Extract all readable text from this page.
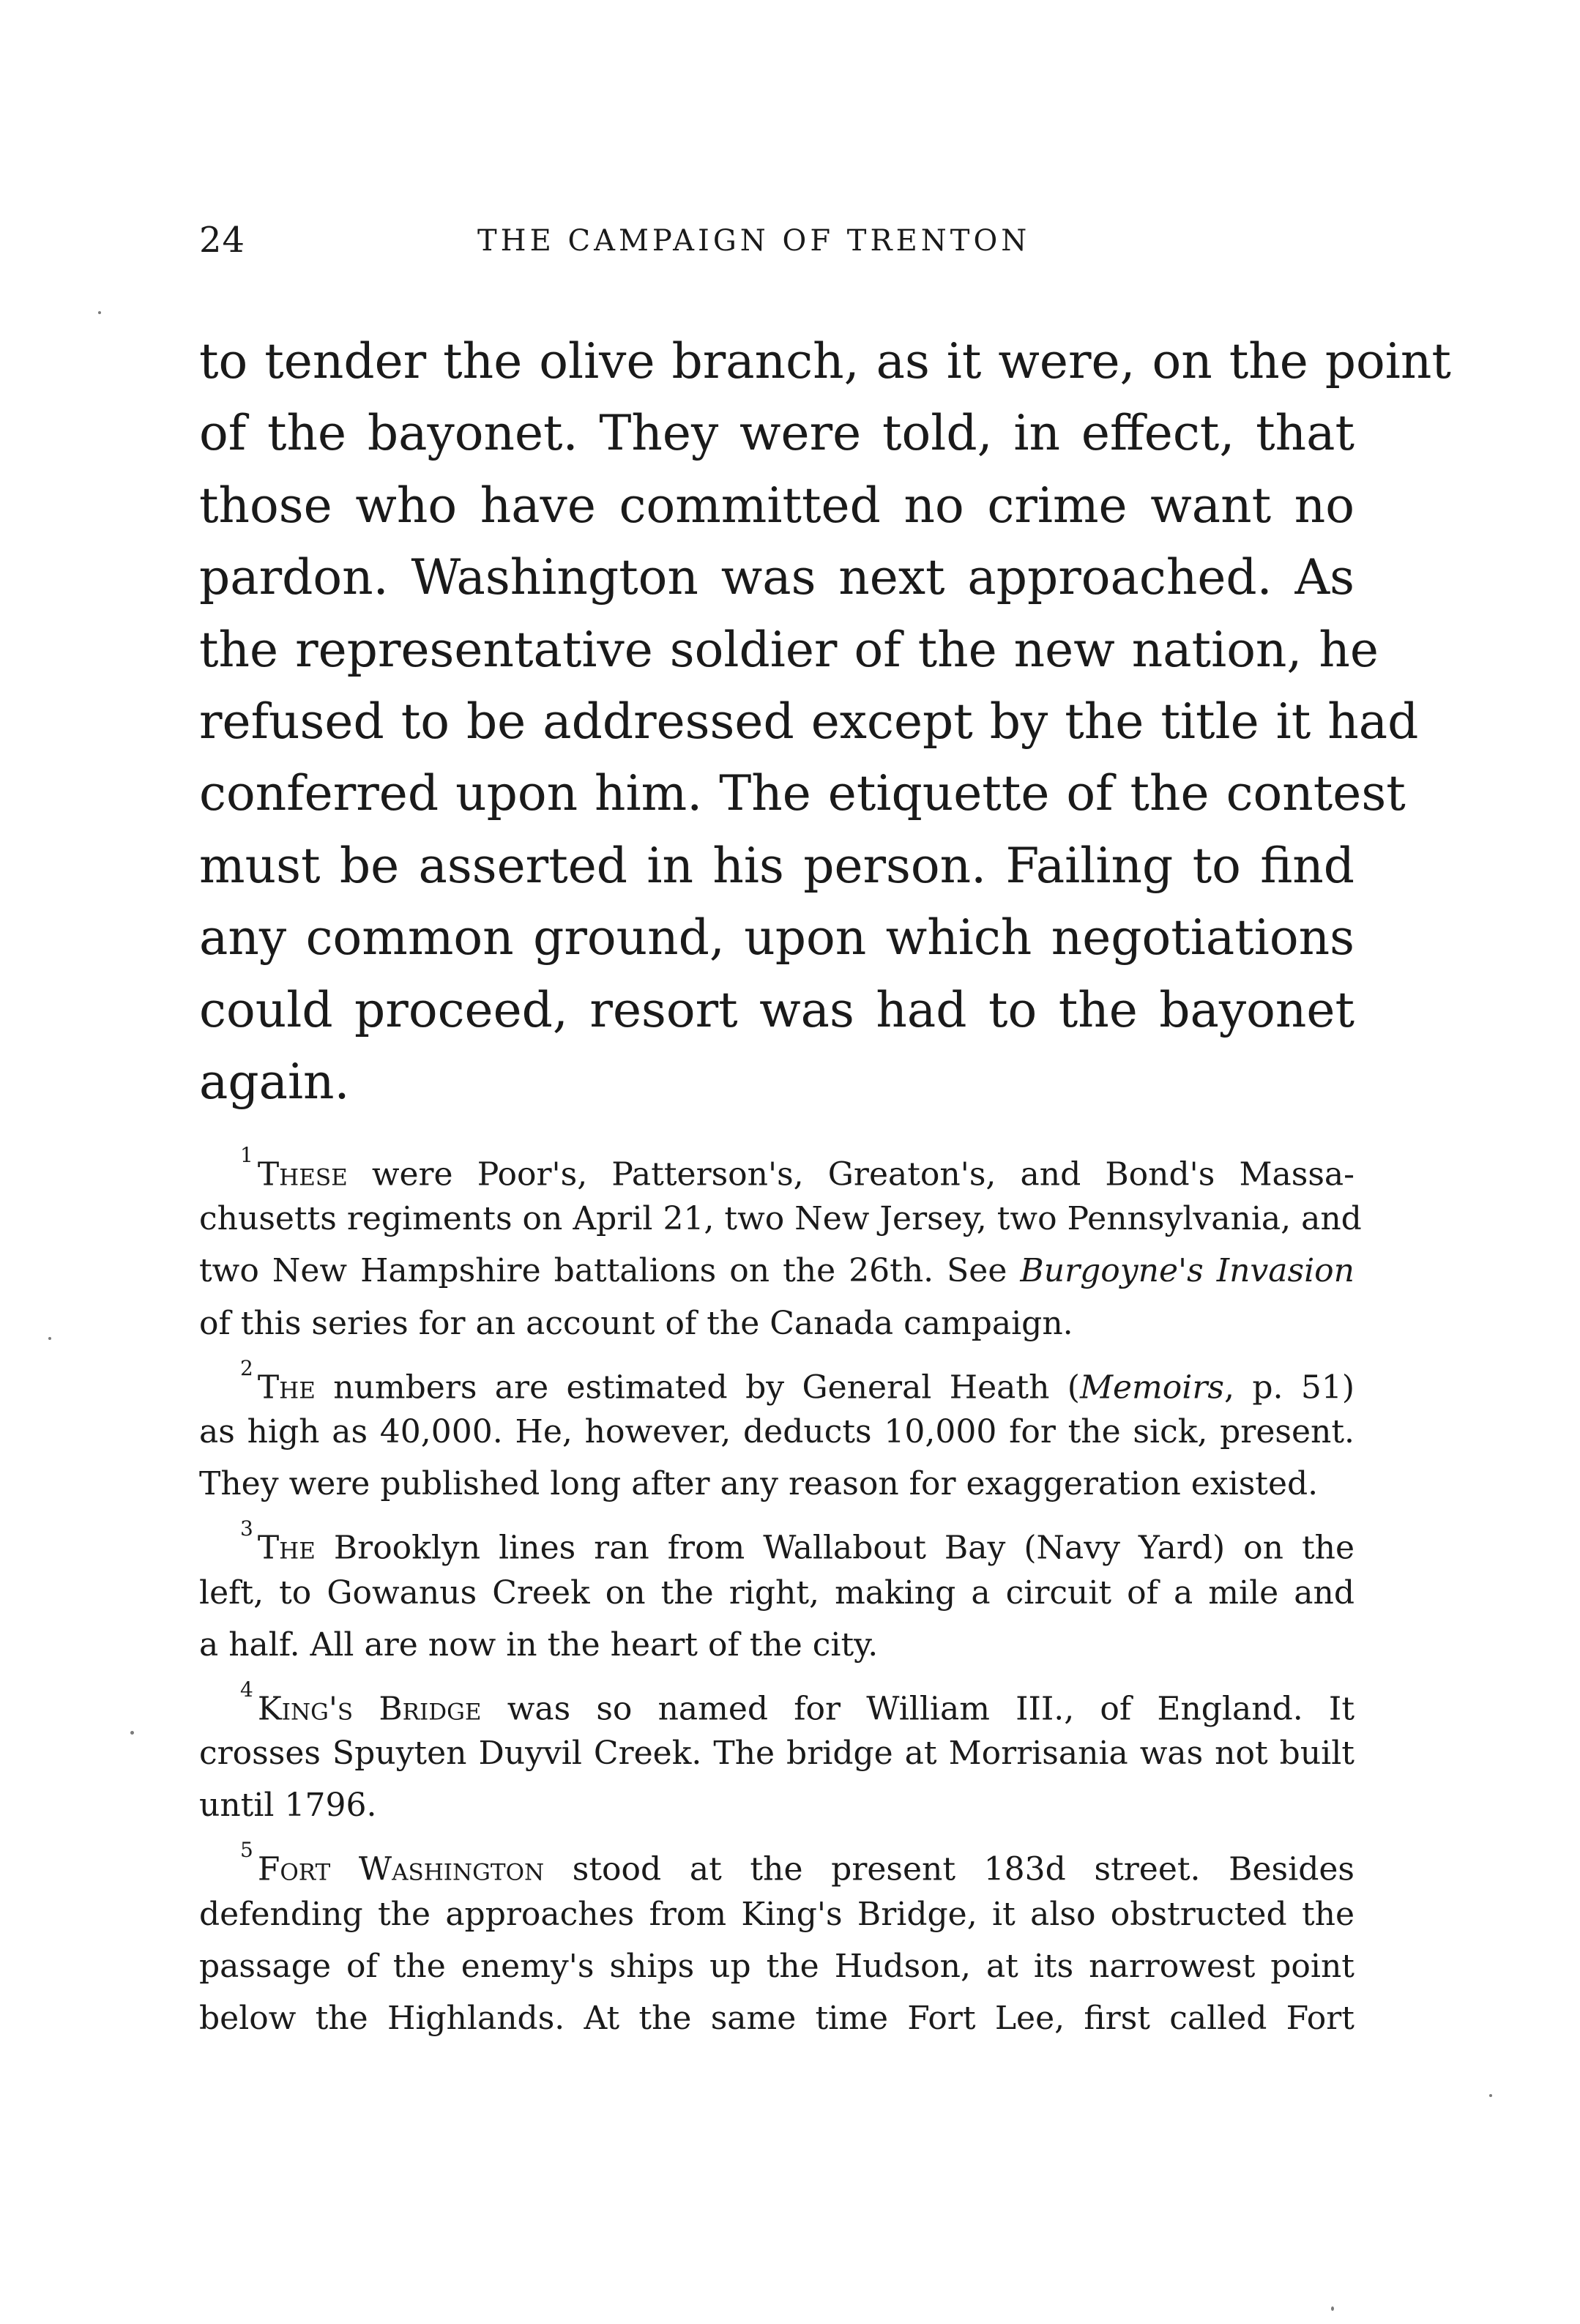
24	THE CAMPAIGN OF TRENTON
to tender the olive branch, as it were, on the point
of the bayonet. They were told, in effect, that
those who have committed no crime want no
pardon. Washington was next approached. As
the representative soldier of the new nation, he
refused to be addressed except by the title it had
conferred upon him. The etiquette of the contest
must be asserted in his person. Failing to find
any common ground, upon which negotiations
could proceed, resort was had to the bayonet
again.
$^1$These were Poor's, Patterson's, Greaton's, and Bond's Massa-
chusetts regiments on April 21, two New Jersey, two Pennsylvania, and
two New Hampshire battalions on the 26th. See Burgoyne's Invasion
of this series for an account of the Canada campaign.
$^2$The numbers are estimated by General Heath (Memoirs, p. 51)
as high as 40,000. He, however, deducts 10,000 for the sick, present.
They were published long after any reason for exaggeration existed.
$^3$The Brooklyn lines ran from Wallabout Bay (Navy Yard) on the
left, to Gowanus Creek on the right, making a circuit of a mile and
a half. All are now in the heart of the city.
$^4$King's Bridge was so named for William III., of England. It
crosses Spuyten Duyvil Creek. The bridge at Morrisania was not built
until 1796.
$^5$Fort Washington stood at the present 183d street. Besides
defending the approaches from King's Bridge, it also obstructed the
passage of the enemy's ships up the Hudson, at its narrowest point
below the Highlands. At the same time Fort Lee, first called Fort
